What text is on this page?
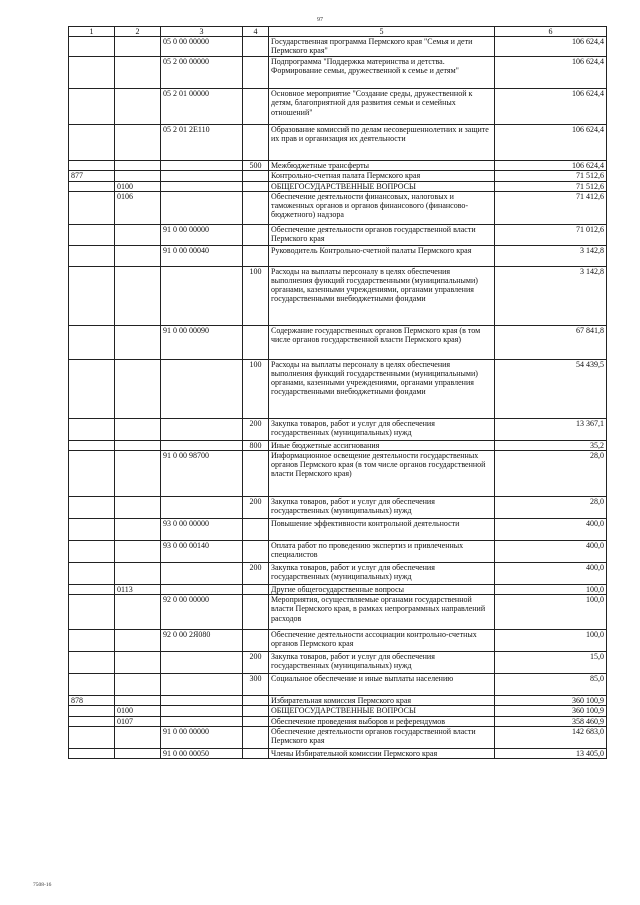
97
1	2	3	4	5	6
		05 0 00 00000		Государственная программа Пермского края "Семья и дети Пермского края"	106 624,4
		05 2 00 00000		Подпрограмма "Поддержка материнства и детства. Формирование семьи, дружественной к семье и детям"	106 624,4
		05 2 01 00000		Основное мероприятие "Создание среды, дружественной к детям, благоприятной для развития семьи и семейных отношений"	106 624,4
		05 2 01 2Е110		Образование комиссий по делам несовершеннолетних и защите их прав и организация их деятельности	106 624,4
			500	Межбюджетные трансферты	106 624,4
877				Контрольно-счетная палата Пермского края	71 512,6
	0100			ОБЩЕГОСУДАРСТВЕННЫЕ ВОПРОСЫ	71 512,6
	0106			Обеспечение деятельности финансовых, налоговых и таможенных органов и органов финансового (финансово-бюджетного) надзора	71 412,6
		91 0 00 00000		Обеспечение деятельности органов государственной власти Пермского края	71 012,6
		91 0 00 00040		Руководитель Контрольно-счетной палаты Пермского края	3 142,8
			100	Расходы на выплаты персоналу в целях обеспечения выполнения функций государственными (муниципальными) органами, казенными учреждениями, органами управления государственными внебюджетными фондами	3 142,8
		91 0 00 00090		Содержание государственных органов Пермского края (в том числе органов государственной власти Пермского края)	67 841,8
			100	Расходы на выплаты персоналу в целях обеспечения выполнения функций государственными (муниципальными) органами, казенными учреждениями, органами управления государственными внебюджетными фондами	54 439,5
			200	Закупка товаров, работ и услуг для обеспечения государственных (муниципальных) нужд	13 367,1
			800	Иные бюджетные ассигнования	35,2
		91 0 00 98700		Информационное освещение деятельности государственных органов Пермского края (в том числе органов государственной власти Пермского края)	28,0
			200	Закупка товаров, работ и услуг для обеспечения государственных (муниципальных) нужд	28,0
		93 0 00 00000		Повышение эффективности контрольной деятельности	400,0
		93 0 00 00140		Оплата работ по проведению экспертиз и привлеченных специалистов	400,0
			200	Закупка товаров, работ и услуг для обеспечения государственных (муниципальных) нужд	400,0
	0113			Другие общегосударственные вопросы	100,0
		92 0 00 00000		Мероприятия, осуществляемые органами государственной власти Пермского края, в рамках непрограммных направлений расходов	100,0
		92 0 00 2Я080		Обеспечение деятельности ассоциации контрольно-счетных органов Пермского края	100,0
			200	Закупка товаров, работ и услуг для обеспечения государственных (муниципальных) нужд	15,0
			300	Социальное обеспечение и иные выплаты населению	85,0
878				Избирательная комиссия Пермского края	360 100,9
	0100			ОБЩЕГОСУДАРСТВЕННЫЕ ВОПРОСЫ	360 100,9
	0107			Обеспечение проведения выборов и референдумов	358 460,9
		91 0 00 00000		Обеспечение деятельности органов государственной власти Пермского края	142 683,0
		91 0 00 00050		Члены Избирательной комиссии Пермского края	13 405,0
7508-16
